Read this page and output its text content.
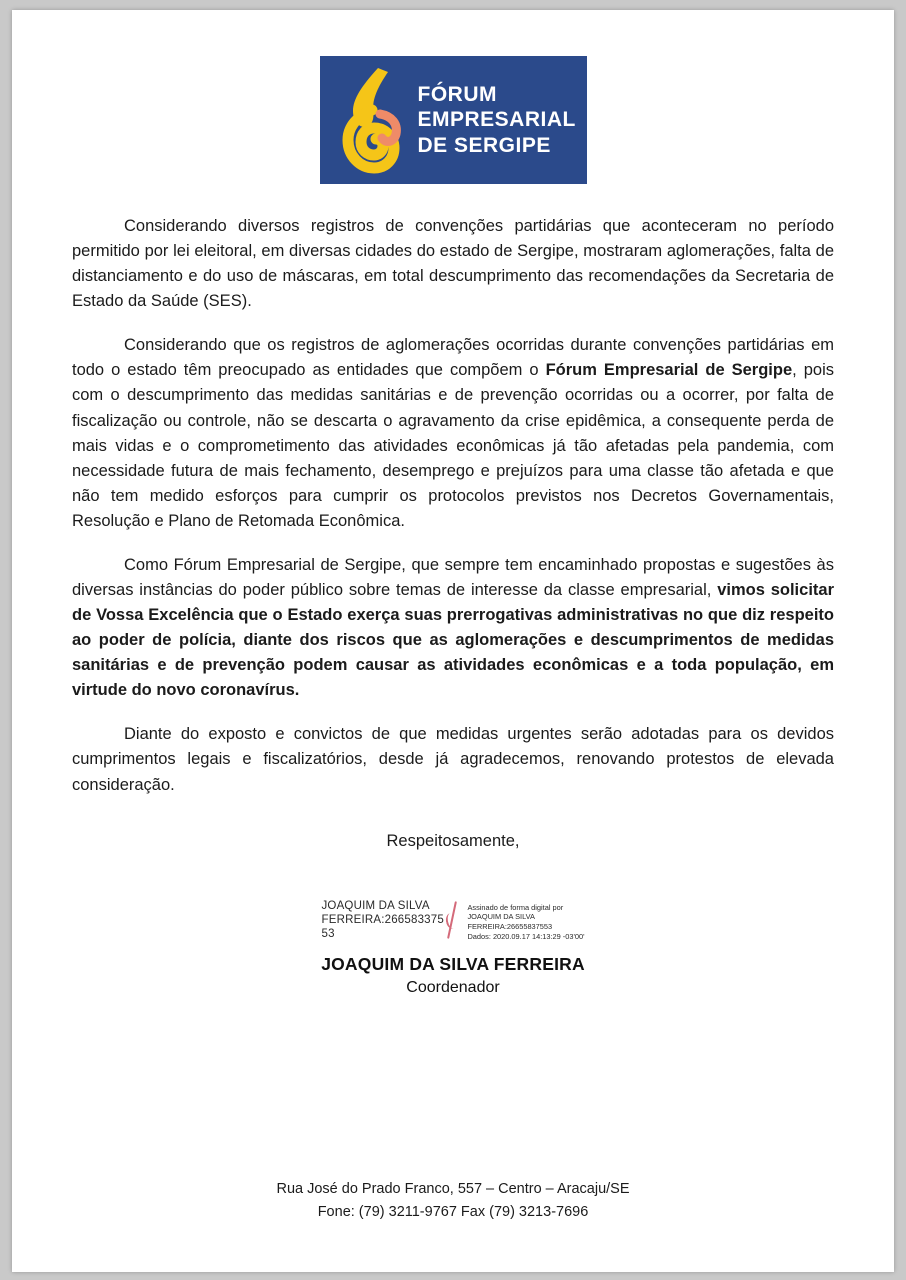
FÓRUM
EMPRESARIAL
DE SERGIPE

Considerando diversos registros de convenções partidárias que aconteceram no período permitido por lei eleitoral, em diversas cidades do estado de Sergipe, mostraram aglomerações, falta de distanciamento e do uso de máscaras, em total descumprimento das recomendações da Secretaria de Estado da Saúde (SES).

Considerando que os registros de aglomerações ocorridas durante convenções partidárias em todo o estado têm preocupado as entidades que compõem o Fórum Empresarial de Sergipe, pois com o descumprimento das medidas sanitárias e de prevenção ocorridas ou a ocorrer, por falta de fiscalização ou controle, não se descarta o agravamento da crise epidêmica, a consequente perda de mais vidas e o comprometimento das atividades econômicas já tão afetadas pela pandemia, com necessidade futura de mais fechamento, desemprego e prejuízos para uma classe tão afetada e que não tem medido esforços para cumprir os protocolos previstos nos Decretos Governamentais, Resolução e Plano de Retomada Econômica.

Como Fórum Empresarial de Sergipe, que sempre tem encaminhado propostas e sugestões às diversas instâncias do poder público sobre temas de interesse da classe empresarial, vimos solicitar de Vossa Excelência que o Estado exerça suas prerrogativas administrativas no que diz respeito ao poder de polícia, diante dos riscos que as aglomerações e descumprimentos de medidas sanitárias e de prevenção podem causar as atividades econômicas e a toda população, em virtude do novo coronavírus.

Diante do exposto e convictos de que medidas urgentes serão adotadas para os devidos cumprimentos legais e fiscalizatórios, desde já agradecemos, renovando protestos de elevada consideração.

Respeitosamente,
JOAQUIM DA SILVA
FERREIRA:266583375
53
Assinado de forma digital por
JOAQUIM DA SILVA
FERREIRA:26655837553
Dados: 2020.09.17 14:13:29 -03'00'
JOAQUIM DA SILVA FERREIRA
Coordenador
Rua José do Prado Franco, 557 – Centro – Aracaju/SE
Fone: (79) 3211-9767 Fax (79) 3213-7696
